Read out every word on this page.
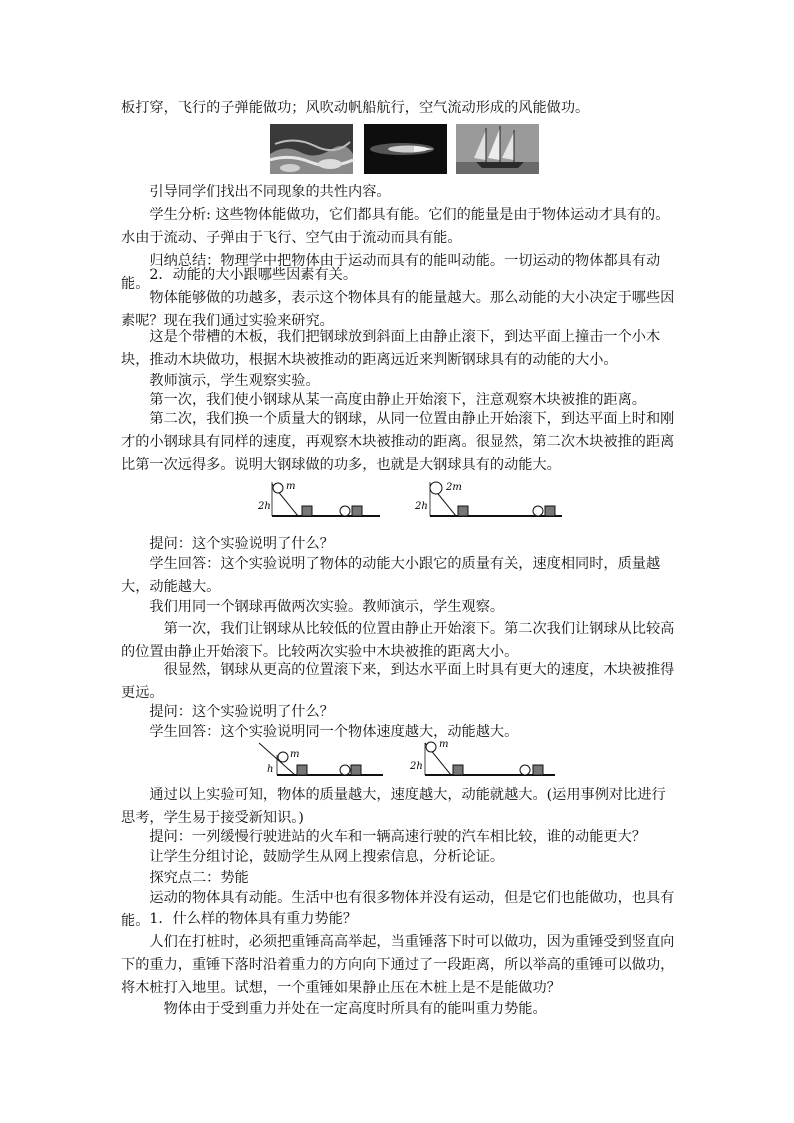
板打穿，飞行的子弹能做功；风吹动帆船航行，空气流动形成的风能做功。

引导同学们找出不同现象的共性内容。

学生分析: 这些物体能做功，它们都具有能。它们的能量是由于物体运动才具有的。水由于流动、子弹由于飞行、空气由于流动而具有能。

归纳总结：物理学中把物体由于运动而具有的能叫动能。一切运动的物体都具有动能。

2．动能的大小跟哪些因素有关。

物体能够做的功越多，表示这个物体具有的能量越大。那么动能的大小决定于哪些因素呢？现在我们通过实验来研究。

这是个带槽的木板，我们把钢球放到斜面上由静止滚下，到达平面上撞击一个小木块，推动木块做功，根据木块被推动的距离远近来判断钢球具有的动能的大小。

教师演示，学生观察实验。

第一次，我们使小钢球从某一高度由静止开始滚下，注意观察木块被推的距离。

第二次，我们换一个质量大的钢球，从同一位置由静止开始滚下，到达平面上时和刚才的小钢球具有同样的速度，再观察木块被推动的距离。很显然，第二次木块被推的距离比第一次远得多。说明大钢球做的功多，也就是大钢球具有的动能大。

m
2h
2m
2h

提问：这个实验说明了什么？

学生回答：这个实验说明了物体的动能大小跟它的质量有关，速度相同时，质量越大，动能越大。

我们用同一个钢球再做两次实验。教师演示，学生观察。

第一次，我们让钢球从比较低的位置由静止开始滚下。第二次我们让钢球从比较高的位置由静止开始滚下。比较两次实验中木块被推的距离大小。

很显然，钢球从更高的位置滚下来，到达水平面上时具有更大的速度，木块被推得更远。

提问：这个实验说明了什么？

学生回答：这个实验说明同一个物体速度越大，动能越大。

m
h
m
2h

通过以上实验可知，物体的质量越大，速度越大，动能就越大。(运用事例对比进行思考，学生易于接受新知识。)

提问：一列缓慢行驶进站的火车和一辆高速行驶的汽车相比较，谁的动能更大？

让学生分组讨论，鼓励学生从网上搜索信息，分析论证。

探究点二：势能

运动的物体具有动能。生活中也有很多物体并没有运动，但是它们也能做功，也具有能。 1．什么样的物体具有重力势能？

人们在打桩时，必须把重锤高高举起，当重锤落下时可以做功，因为重锤受到竖直向下的重力，重锤下落时沿着重力的方向向下通过了一段距离，所以举高的重锤可以做功，将木桩打入地里。试想，一个重锤如果静止压在木桩上是不是能做功？

物体由于受到重力并处在一定高度时所具有的能叫重力势能。
